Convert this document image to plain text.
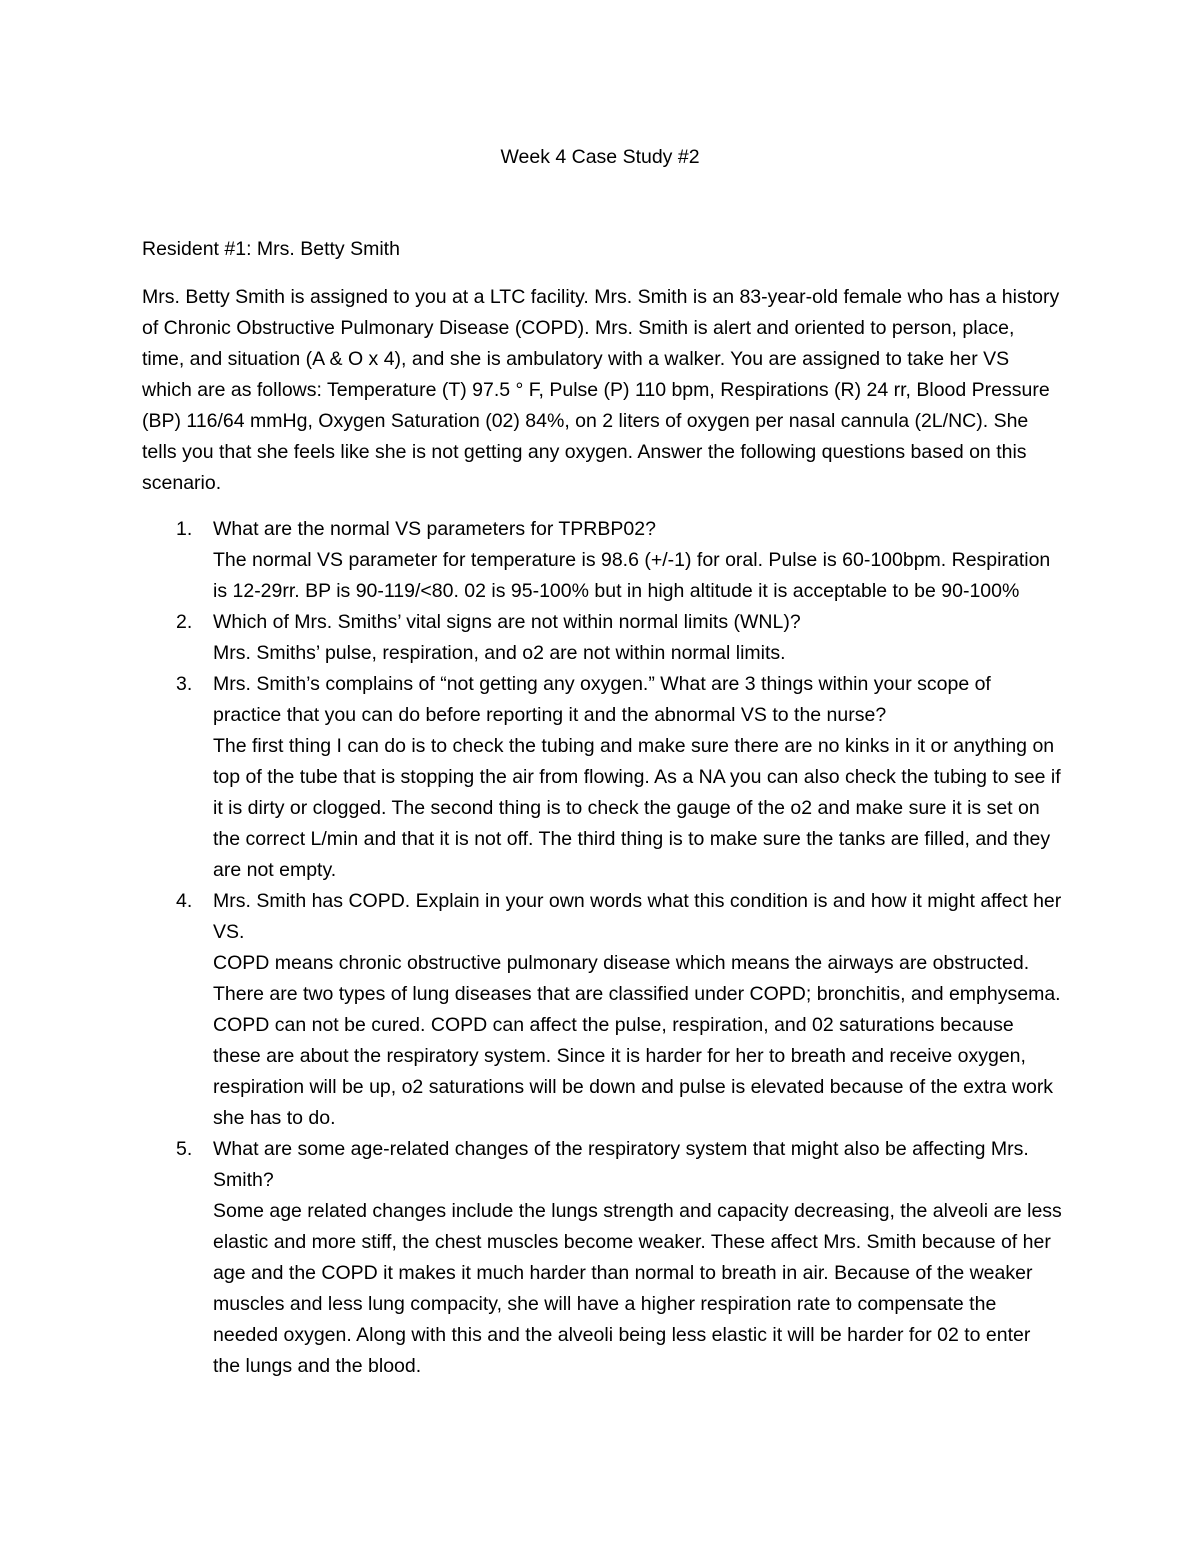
Week 4 Case Study #2

Resident #1: Mrs. Betty Smith

Mrs. Betty Smith is assigned to you at a LTC facility. Mrs. Smith is an 83-year-old female who has a history of Chronic Obstructive Pulmonary Disease (COPD). Mrs. Smith is alert and oriented to person, place, time, and situation (A & O x 4), and she is ambulatory with a walker. You are assigned to take her VS which are as follows: Temperature (T) 97.5 ° F, Pulse (P) 110 bpm, Respirations (R) 24 rr, Blood Pressure (BP) 116/64 mmHg, Oxygen Saturation (02) 84%, on 2 liters of oxygen per nasal cannula (2L/NC). She tells you that she feels like she is not getting any oxygen. Answer the following questions based on this scenario.

1. What are the normal VS parameters for TPRBP02?
The normal VS parameter for temperature is 98.6 (+/-1) for oral. Pulse is 60-100bpm. Respiration is 12-29rr. BP is 90-119/<80. 02 is 95-100% but in high altitude it is acceptable to be 90-100%
2. Which of Mrs. Smiths’ vital signs are not within normal limits (WNL)?
Mrs. Smiths’ pulse, respiration, and o2 are not within normal limits.
3. Mrs. Smith’s complains of “not getting any oxygen.” What are 3 things within your scope of practice that you can do before reporting it and the abnormal VS to the nurse?
The first thing I can do is to check the tubing and make sure there are no kinks in it or anything on top of the tube that is stopping the air from flowing. As a NA you can also check the tubing to see if it is dirty or clogged. The second thing is to check the gauge of the o2 and make sure it is set on the correct L/min and that it is not off. The third thing is to make sure the tanks are filled, and they are not empty.
4. Mrs. Smith has COPD. Explain in your own words what this condition is and how it might affect her VS.
COPD means chronic obstructive pulmonary disease which means the airways are obstructed. There are two types of lung diseases that are classified under COPD; bronchitis, and emphysema. COPD can not be cured. COPD can affect the pulse, respiration, and 02 saturations because these are about the respiratory system. Since it is harder for her to breath and receive oxygen, respiration will be up, o2 saturations will be down and pulse is elevated because of the extra work she has to do.
5. What are some age-related changes of the respiratory system that might also be affecting Mrs. Smith?
Some age related changes include the lungs strength and capacity decreasing, the alveoli are less elastic and more stiff, the chest muscles become weaker. These affect Mrs. Smith because of her age and the COPD it makes it much harder than normal to breath in air. Because of the weaker muscles and less lung compacity, she will have a higher respiration rate to compensate the needed oxygen. Along with this and the alveoli being less elastic it will be harder for 02 to enter the lungs and the blood.
